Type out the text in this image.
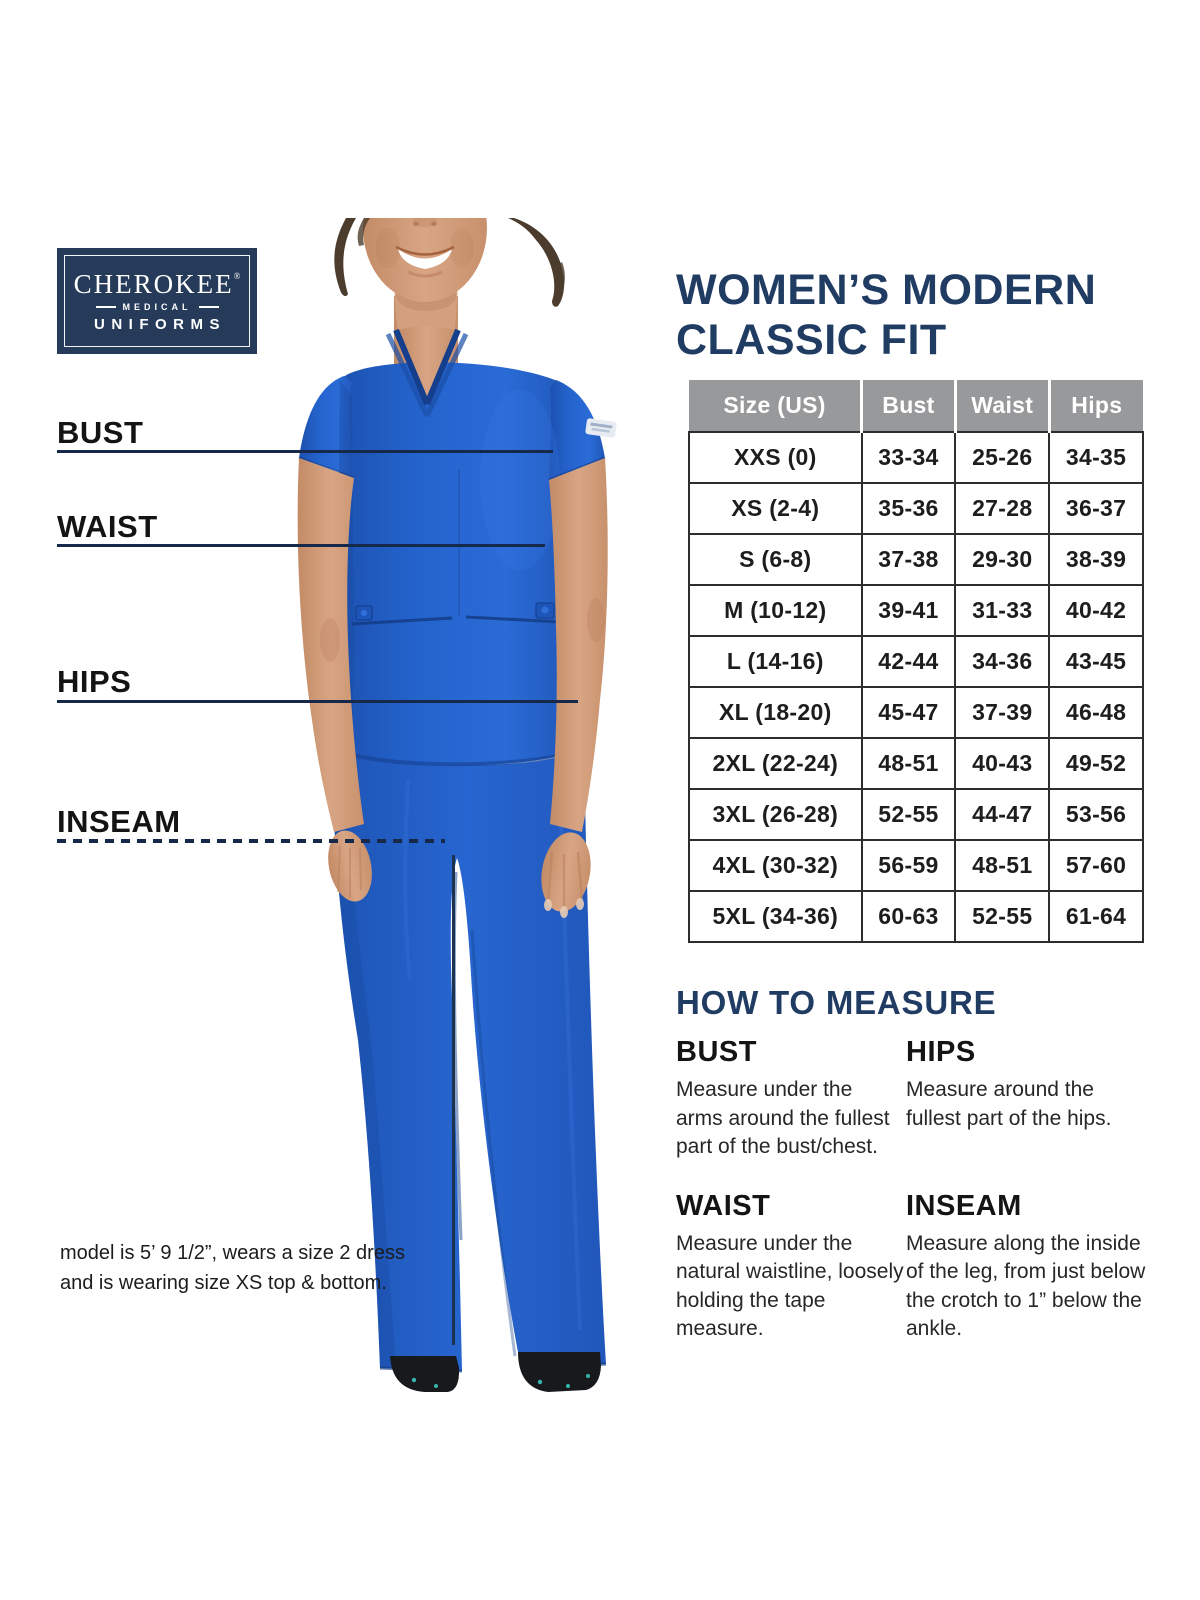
CHEROKEE®
MEDICAL
UNIFORMS
BUST
WAIST
HIPS
INSEAM
WOMEN’S MODERN
CLASSIC FIT
Size (US)	Bust	Waist	Hips
XXS (0)	33-34	25-26	34-35
XS (2-4)	35-36	27-28	36-37
S (6-8)	37-38	29-30	38-39
M (10-12)	39-41	31-33	40-42
L (14-16)	42-44	34-36	43-45
XL (18-20)	45-47	37-39	46-48
2XL (22-24)	48-51	40-43	49-52
3XL (26-28)	52-55	44-47	53-56
4XL (30-32)	56-59	48-51	57-60
5XL (34-36)	60-63	52-55	61-64
HOW TO MEASURE
BUST
Measure under the arms around the fullest part of the bust/chest.
HIPS
Measure around the fullest part of the hips.
WAIST
Measure under the natural waistline, loosely holding the tape measure.
INSEAM
Measure along the inside of the leg, from just below the crotch to 1” below the ankle.
model is 5’ 9 1/2”, wears a size 2 dress
and is wearing size XS top & bottom.
